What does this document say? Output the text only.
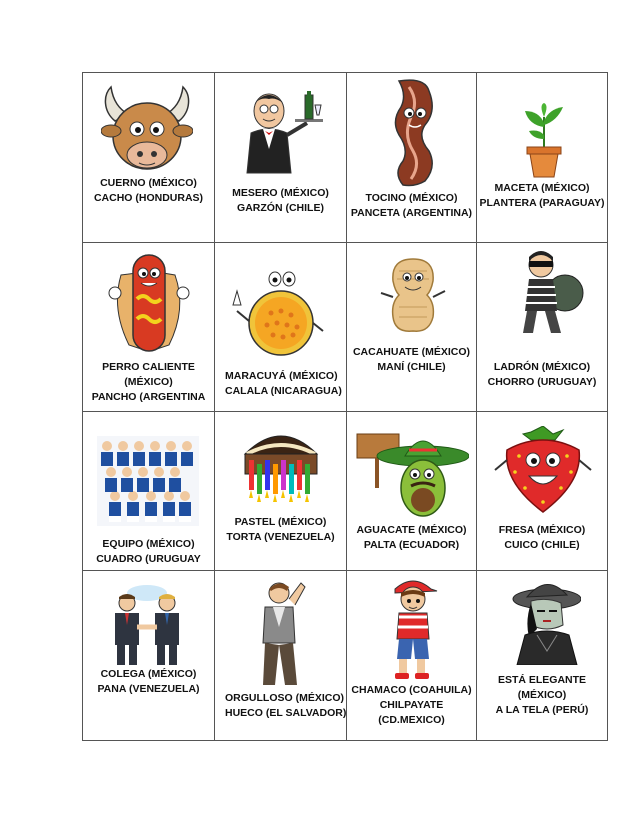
CUERNO (MÉXICO)
CACHO (HONDURAS)	MESERO (MÉXICO)
GARZÓN (CHILE)
TOCINO (MÉXICO)
PANCETA (ARGENTINA)
MACETA (MÉXICO)
PLANTERA (PARAGUAY)
PERRO CALIENTE
(MÉXICO)
PANCHO (ARGENTINA
MARACUYÁ (MÉXICO)
CALALA (NICARAGUA)
CACAHUATE (MÉXICO)
MANÍ (CHILE)	LADRÓN (MÉXICO)
CHORRO (URUGUAY)
EQUIPO (MÉXICO)
CUADRO (URUGUAY
PASTEL (MÉXICO)
TORTA (VENEZUELA)
AGUACATE (MÉXICO)
PALTA (ECUADOR)
FRESA (MÉXICO)
CUICO (CHILE)
COLEGA (MÉXICO)
PANA (VENEZUELA)
ORGULLOSO (MÉXICO)
HUECO (EL SALVADOR)
CHAMACO (COAHUILA)
CHILPAYATE
(CD.MEXICO)
ESTÁ ELEGANTE
(MÉXICO)
A LA TELA (PERÚ)
